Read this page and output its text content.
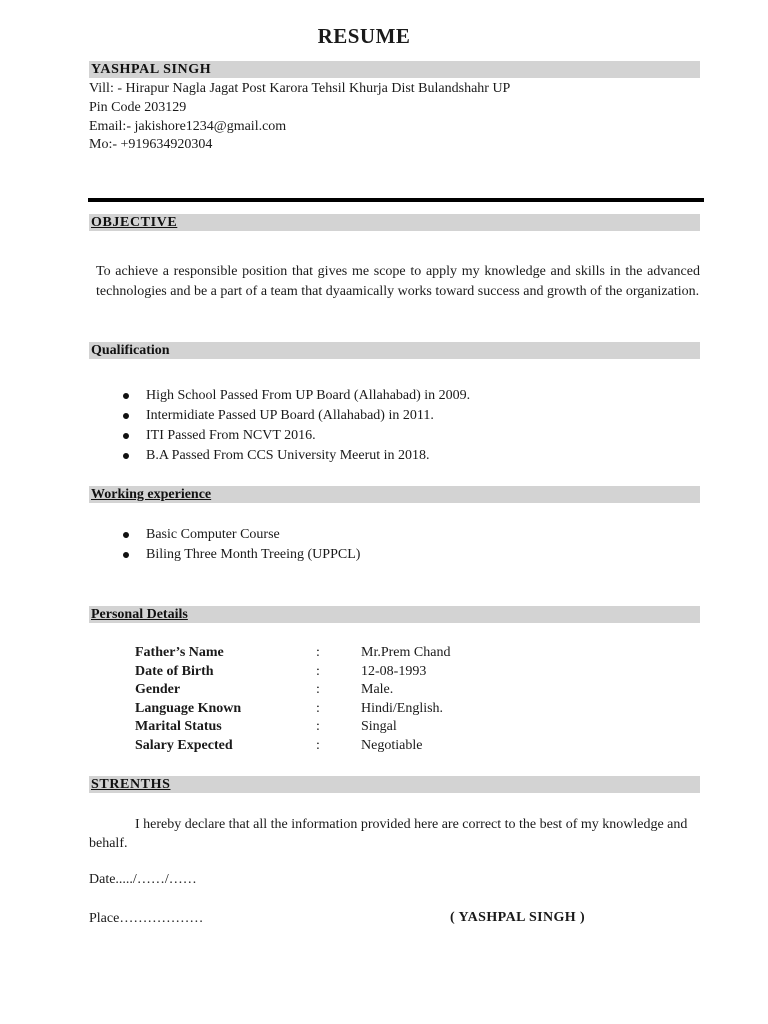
RESUME
YASHPAL SINGH
Vill: - Hirapur Nagla Jagat Post Karora Tehsil Khurja Dist Bulandshahr UP
Pin Code 203129
Email:- jakishore1234@gmail.com
Mo:- +919634920304
OBJECTIVE
To achieve a responsible position that gives me scope to apply my knowledge and skills in the advanced technologies and be a part of a team that dyaamically works toward success and growth of the organization.
Qualification
High School Passed From UP Board (Allahabad) in 2009.
Intermidiate Passed UP Board (Allahabad) in 2011.
ITI Passed From NCVT 2016.
B.A Passed From CCS University Meerut in 2018.
Working experience
Basic Computer Course
Biling Three Month Treeing (UPPCL)
Personal Details
Father’s Name	:	Mr.Prem Chand
Date of Birth	:	12-08-1993
Gender	:	Male.
Language Known	:	Hindi/English.
Marital Status	:	Singal
Salary Expected	:	Negotiable
STRENTHS
I hereby declare that all the information provided here are correct to the best of my knowledge and behalf.
Date...../……/……
Place………………	( YASHPAL SINGH )
